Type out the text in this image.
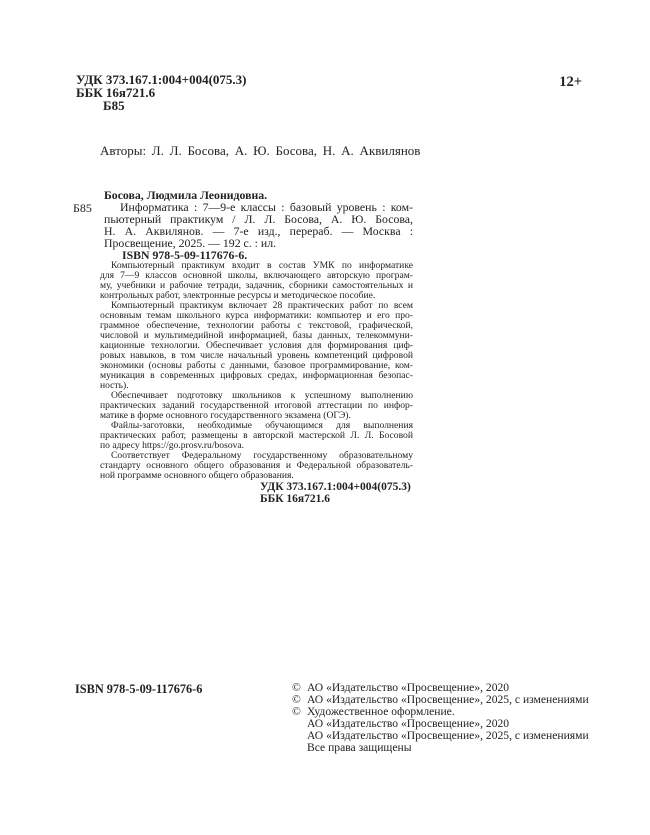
УДК 373.167.1:004+004(075.3)
ББК 16я721.6
Б85
12+
Авторы: Л. Л. Босова, А. Ю. Босова, Н. А. Аквилянов
Б85
Босова, Людмила Леонидовна.
Информатика : 7—9-е классы : базовый уровень : ком-
пьютерный практикум / Л. Л. Босова, А. Ю. Босова,
Н. А. Аквилянов. — 7-е изд., перераб. — Москва :
Просвещение, 2025. — 192 с. : ил.
ISBN 978-5-09-117676-6.
Компьютерный практикум входит в состав УМК по информатике
для 7—9 классов основной школы, включающего авторскую програм-
му, учебники и рабочие тетради, задачник, сборники самостоятельных и
контрольных работ, электронные ресурсы и методическое пособие.
Компьютерный практикум включает 28 практических работ по всем
основным темам школьного курса информатики: компьютер и его про-
граммное обеспечение, технологии работы с текстовой, графической,
числовой и мультимедийной информацией, базы данных, телекоммуни-
кационные технологии. Обеспечивает условия для формирования циф-
ровых навыков, в том числе начальный уровень компетенций цифровой
экономики (основы работы с данными, базовое программирование, ком-
муникация в современных цифровых средах, информационная безопас-
ность).
Обеспечивает подготовку школьников к успешному выполнению
практических заданий государственной итоговой аттестации по инфор-
матике в форме основного государственного экзамена (ОГЭ).
Файлы-заготовки, необходимые обучающимся для выполнения
практических работ, размещены в авторской мастерской Л. Л. Босовой
по адресу https://go.prosv.ru/bosova.
Соответствует Федеральному государственному образовательному
стандарту основного общего образования и Федеральной образователь-
ной программе основного общего образования.
УДК 373.167.1:004+004(075.3)
ББК 16я721.6
ISBN 978-5-09-117676-6	© АО «Издательство «Просвещение», 2020
© АО «Издательство «Просвещение», 2025, с изменениями
© Художественное оформление.
АО «Издательство «Просвещение», 2020
АО «Издательство «Просвещение», 2025, с изменениями
Все права защищены
